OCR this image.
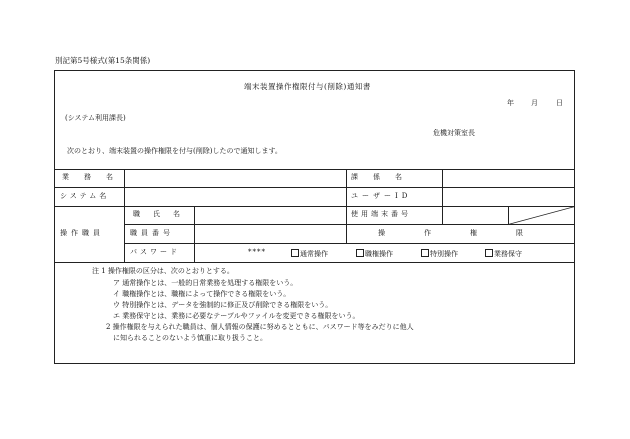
別記第5号様式(第15条関係)
端末装置操作権限付与(削除)通知書
年 月	日
(システム利用課長)
危機対策室長
次のとおり、端末装置の操作権限を付与(削除)したので通知します。
業　務　名	課　係　名
システム名	ユーザーID
操作職員
職　氏　名	使用端末番号
職員番号	操　作　権　限
パスワード	****	通常操作	職権操作	特別操作	業務保守
注 1 操作権限の区分は、次のとおりとする。
ア 通常操作とは、一般的日常業務を処理する権限をいう。
イ 職権操作とは、職権によって操作できる権限をいう。
ウ 特別操作とは、データを強制的に修正及び削除できる権限をいう。
エ 業務保守とは、業務に必要なテーブルやファイルを変更できる権限をいう。
2 操作権限を与えられた職員は、個人情報の保護に努めるとともに、パスワード等をみだりに他人
に知られることのないよう慎重に取り扱うこと。
